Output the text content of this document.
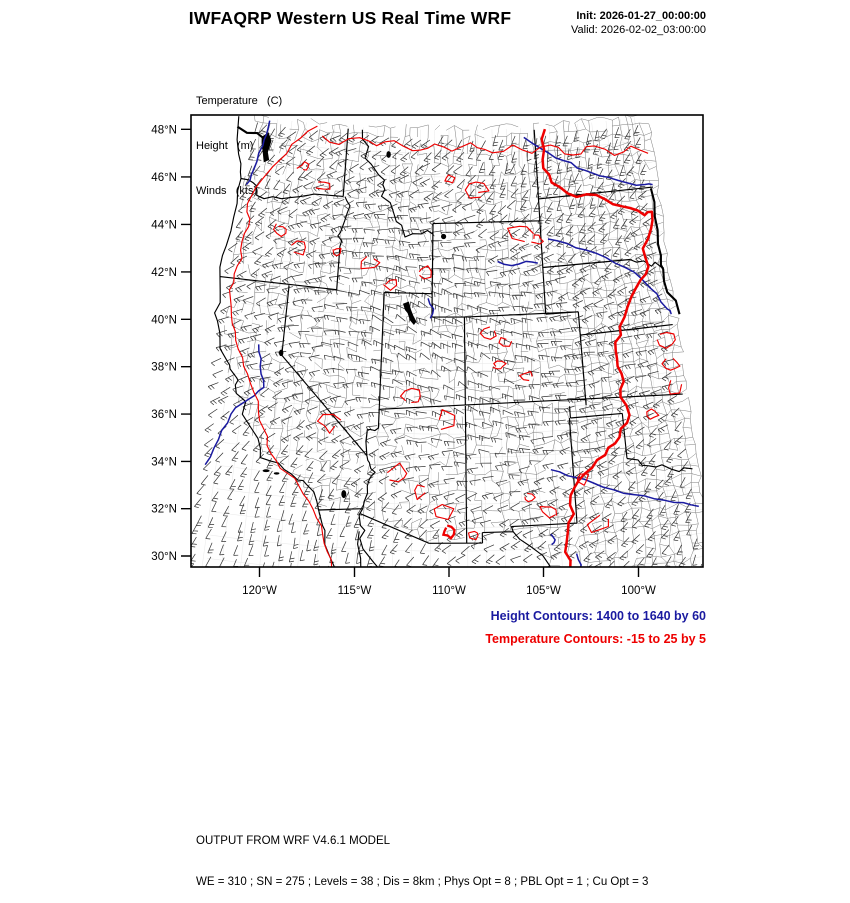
IWFAQRP Western US Real Time WRF	Init: 2026-01-27_00:00:00
Valid: 2026-02-02_03:00:00

Temperature   (C)

Height   (m)

Winds   (kts)

48°N
46°N
44°N
42°N
40°N
38°N
36°N
34°N
32°N
30°N
120°W	115°W	110°W	105°W	100°W
Height Contours: 1400 to 1640 by 60
Temperature Contours: -15 to 25 by 5

OUTPUT FROM WRF V4.6.1 MODEL

WE = 310 ; SN = 275 ; Levels = 38 ; Dis = 8km ; Phys Opt = 8 ; PBL Opt = 1 ; Cu Opt = 3
